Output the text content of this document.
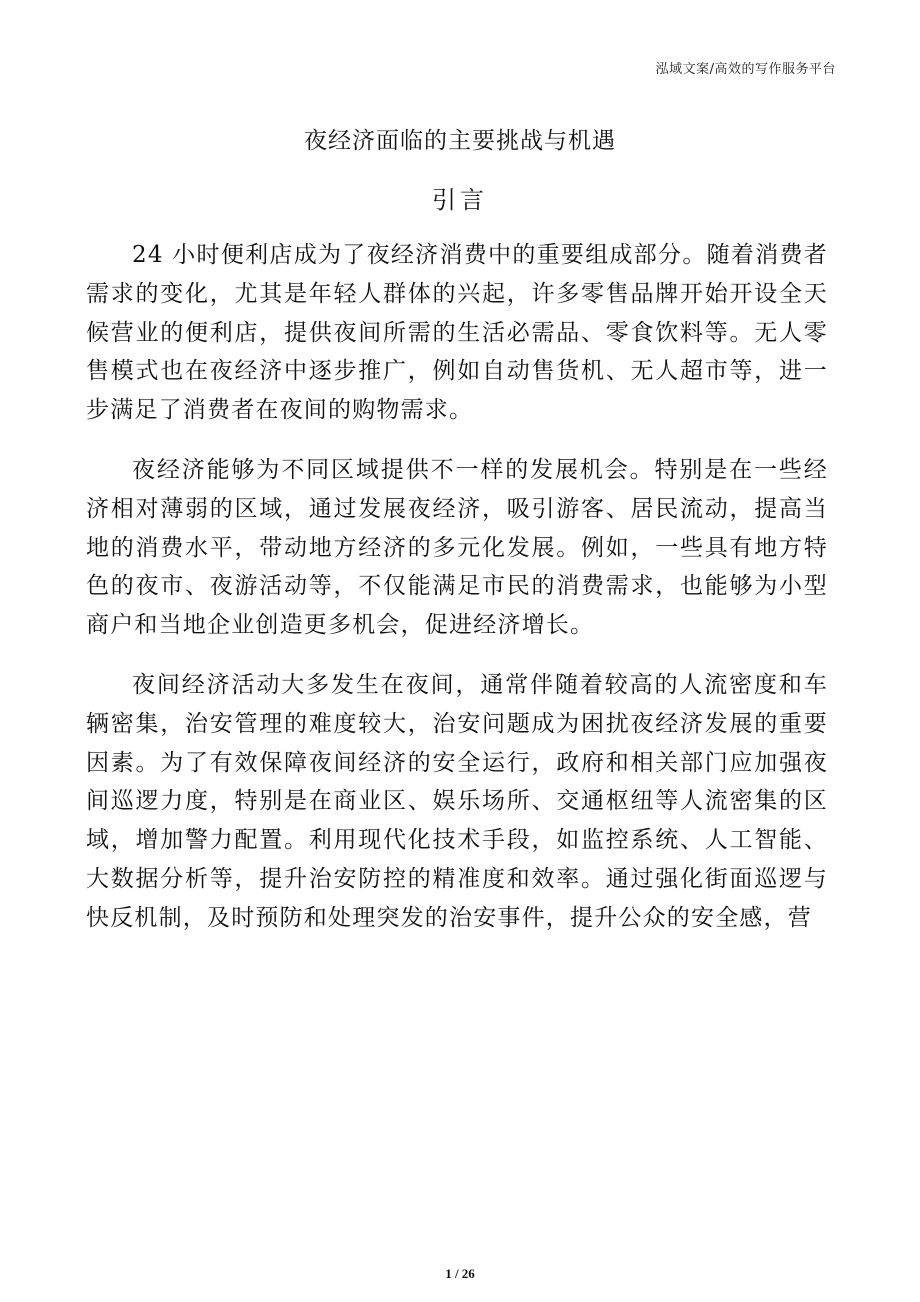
泓域文案/高效的写作服务平台
夜经济面临的主要挑战与机遇
引言

24 小时便利店成为了夜经济消费中的重要组成部分。随着消费者需求的变化，尤其是年轻人群体的兴起，许多零售品牌开始开设全天候营业的便利店，提供夜间所需的生活必需品、零食饮料等。无人零售模式也在夜经济中逐步推广，例如自动售货机、无人超市等，进一步满足了消费者在夜间的购物需求。

夜经济能够为不同区域提供不一样的发展机会。特别是在一些经济相对薄弱的区域，通过发展夜经济，吸引游客、居民流动，提高当地的消费水平，带动地方经济的多元化发展。例如，一些具有地方特色的夜市、夜游活动等，不仅能满足市民的消费需求，也能够为小型商户和当地企业创造更多机会，促进经济增长。

夜间经济活动大多发生在夜间，通常伴随着较高的人流密度和车辆密集，治安管理的难度较大，治安问题成为困扰夜经济发展的重要因素。为了有效保障夜间经济的安全运行，政府和相关部门应加强夜间巡逻力度，特别是在商业区、娱乐场所、交通枢纽等人流密集的区域，增加警力配置。利用现代化技术手段，如监控系统、人工智能、大数据分析等，提升治安防控的精准度和效率。通过强化街面巡逻与快反机制，及时预防和处理突发的治安事件，提升公众的安全感，营

1 / 26
